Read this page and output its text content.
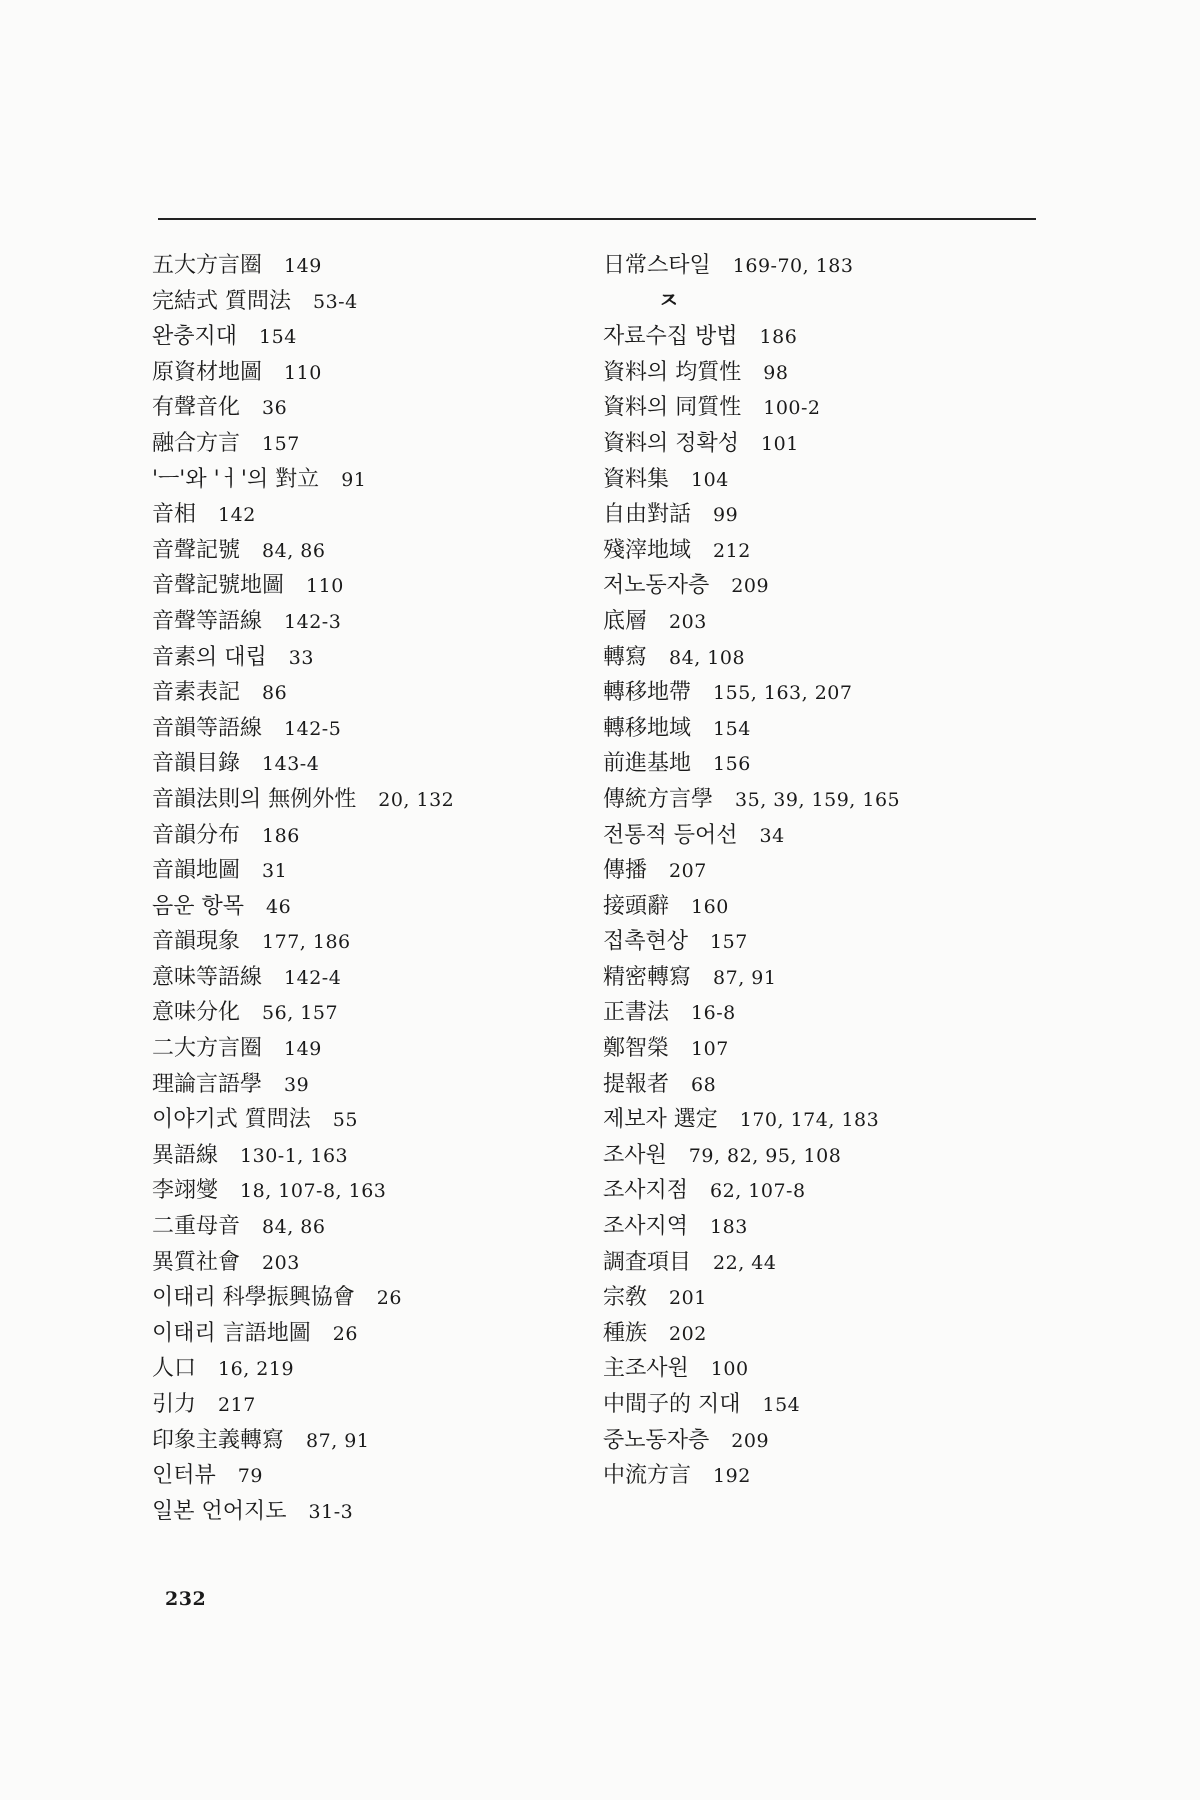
五大方言圈 149
完結式 質問法 53-4
완충지대 154
原資材地圖 110
有聲音化 36
融合方言 157
'ㅡ'와 'ㅓ'의 對立 91
音相 142
音聲記號 84, 86
音聲記號地圖 110
音聲等語線 142-3
音素의 대립 33
音素表記 86
音韻等語線 142-5
音韻目錄 143-4
音韻法則의 無例外性 20, 132
音韻分布 186
音韻地圖 31
음운 항목 46
音韻現象 177, 186
意味等語線 142-4
意味分化 56, 157
二大方言圈 149
理論言語學 39
이야기式 質問法 55
異語線 130-1, 163
李翊燮 18, 107-8, 163
二重母音 84, 86
異質社會 203
이태리 科學振興協會 26
이태리 言語地圖 26
人口 16, 219
引力 217
印象主義轉寫 87, 91
인터뷰 79
일본 언어지도 31-3
日常스타일 169-70, 183
ㅈ
자료수집 방법 186
資料의 均質性 98
資料의 同質性 100-2
資料의 정확성 101
資料集 104
自由對話 99
殘滓地域 212
저노동자층 209
底層 203
轉寫 84, 108
轉移地帶 155, 163, 207
轉移地域 154
前進基地 156
傳統方言學 35, 39, 159, 165
전통적 등어선 34
傳播 207
接頭辭 160
접촉현상 157
精密轉寫 87, 91
正書法 16-8
鄭智榮 107
提報者 68
제보자 選定 170, 174, 183
조사원 79, 82, 95, 108
조사지점 62, 107-8
조사지역 183
調査項目 22, 44
宗敎 201
種族 202
主조사원 100
中間子的 지대 154
중노동자층 209
中流方言 192
232
